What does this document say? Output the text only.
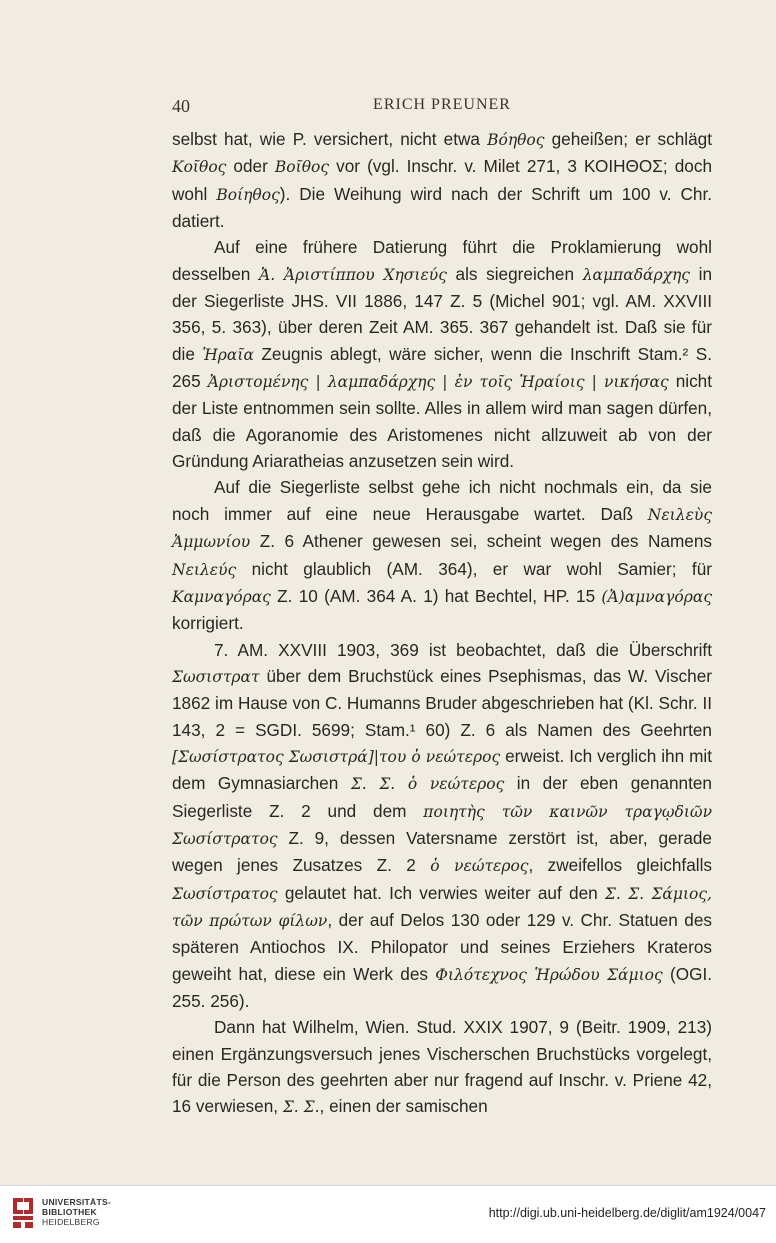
40	ERICH PREUNER

selbst hat, wie P. versichert, nicht etwa Βόηθος geheißen; er schlägt Κοῖθος oder Βοῖθος vor (vgl. Inschr. v. Milet 271, 3 ΚΟΙΗΘΟΣ; doch wohl Βοίηθος). Die Weihung wird nach der Schrift um 100 v. Chr. datiert.

Auf eine frühere Datierung führt die Proklamierung wohl desselben Ἀ. Ἀριστίππου Χησιεύς als siegreichen λαμπαδάρχης in der Siegerliste JHS. VII 1886, 147 Z. 5 (Michel 901; vgl. AM. XXVIII 356, 5. 363), über deren Zeit AM. 365. 367 gehandelt ist. Daß sie für die Ἡραῖα Zeugnis ablegt, wäre sicher, wenn die Inschrift Stam.² S. 265 Ἀριστομένης | λαμπαδάρχης | ἐν τοῖς Ἡραίοις | νικήσας nicht der Liste entnommen sein sollte. Alles in allem wird man sagen dürfen, daß die Agoranomie des Aristomenes nicht allzuweit ab von der Gründung Ariaratheias anzusetzen sein wird.

Auf die Siegerliste selbst gehe ich nicht nochmals ein, da sie noch immer auf eine neue Herausgabe wartet. Daß Νειλεὺς Ἀμμωνίου Z. 6 Athener gewesen sei, scheint wegen des Namens Νειλεύς nicht glaublich (AM. 364), er war wohl Samier; für Καμναγόρας Z. 10 (AM. 364 A. 1) hat Bechtel, HP. 15 (Ἀ)αμναγόρας korrigiert.

7. AM. XXVIII 1903, 369 ist beobachtet, daß die Überschrift Σωσιστρατ über dem Bruchstück eines Psephismas, das W. Vischer 1862 im Hause von C. Humanns Bruder abgeschrieben hat (Kl. Schr. II 143, 2 = SGDI. 5699; Stam.¹ 60) Z. 6 als Namen des Geehrten [Σωσίστρατος Σωσιστρά]|του ὁ νεώτερος erweist. Ich verglich ihn mit dem Gymnasiarchen Σ. Σ. ὁ νεώτερος in der eben genannten Siegerliste Z. 2 und dem ποιητὴς τῶν καινῶν τραγῳδιῶν Σωσίστρατος Z. 9, dessen Vatersname zerstört ist, aber, gerade wegen jenes Zusatzes Z. 2 ὁ νεώτερος, zweifellos gleichfalls Σωσίστρατος gelautet hat. Ich verwies weiter auf den Σ. Σ. Σάμιος, τῶν πρώτων φίλων, der auf Delos 130 oder 129 v. Chr. Statuen des späteren Antiochos IX. Philopator und seines Erziehers Krateros geweiht hat, diese ein Werk des Φιλότεχνος Ἡρώδου Σάμιος (OGI. 255. 256).

Dann hat Wilhelm, Wien. Stud. XXIX 1907, 9 (Beitr. 1909, 213) einen Ergänzungsversuch jenes Vischerschen Bruchstücks vorgelegt, für die Person des geehrten aber nur fragend auf Inschr. v. Priene 42, 16 verwiesen, Σ. Σ., einen der samischen

UNIVERSITÄTS-
BIBLIOTHEK
HEIDELBERG
http://digi.ub.uni-heidelberg.de/diglit/am1924/0047
